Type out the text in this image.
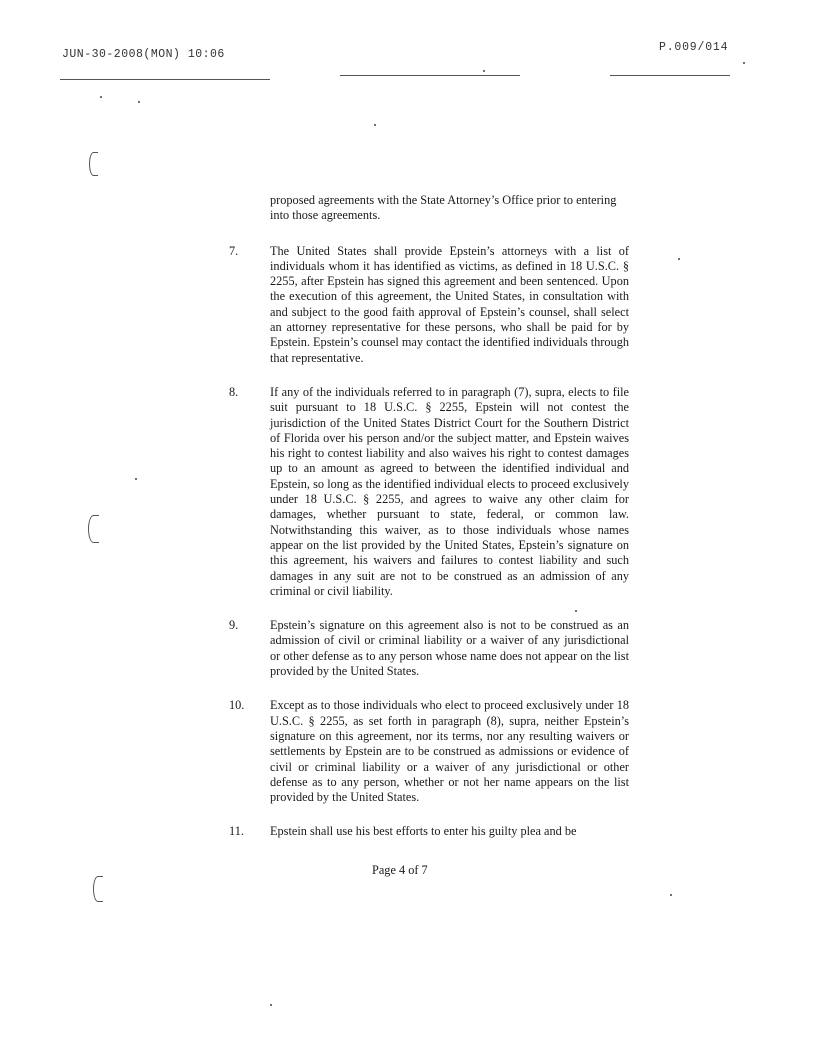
JUN-30-2008(MON) 10:06
P.009/014
proposed agreements with the State Attorney’s Office prior to entering into those agreements.
7.	The United States shall provide Epstein’s attorneys with a list of individuals whom it has identified as victims, as defined in 18 U.S.C. § 2255, after Epstein has signed this agreement and been sentenced. Upon the execution of this agreement, the United States, in consultation with and subject to the good faith approval of Epstein’s counsel, shall select an attorney representative for these persons, who shall be paid for by Epstein. Epstein’s counsel may contact the identified individuals through that representative.
8.	If any of the individuals referred to in paragraph (7), supra, elects to file suit pursuant to 18 U.S.C. § 2255, Epstein will not contest the jurisdiction of the United States District Court for the Southern District of Florida over his person and/or the subject matter, and Epstein waives his right to contest liability and also waives his right to contest damages up to an amount as agreed to between the identified individual and Epstein, so long as the identified individual elects to proceed exclusively under 18 U.S.C. § 2255, and agrees to waive any other claim for damages, whether pursuant to state, federal, or common law. Notwithstanding this waiver, as to those individuals whose names appear on the list provided by the United States, Epstein’s signature on this agreement, his waivers and failures to contest liability and such damages in any suit are not to be construed as an admission of any criminal or civil liability.
9.	Epstein’s signature on this agreement also is not to be construed as an admission of civil or criminal liability or a waiver of any jurisdictional or other defense as to any person whose name does not appear on the list provided by the United States.
10.	Except as to those individuals who elect to proceed exclusively under 18 U.S.C. § 2255, as set forth in paragraph (8), supra, neither Epstein’s signature on this agreement, nor its terms, nor any resulting waivers or settlements by Epstein are to be construed as admissions or evidence of civil or criminal liability or a waiver of any jurisdictional or other defense as to any person, whether or not her name appears on the list provided by the United States.
11.	Epstein shall use his best efforts to enter his guilty plea and be
Page 4 of 7
